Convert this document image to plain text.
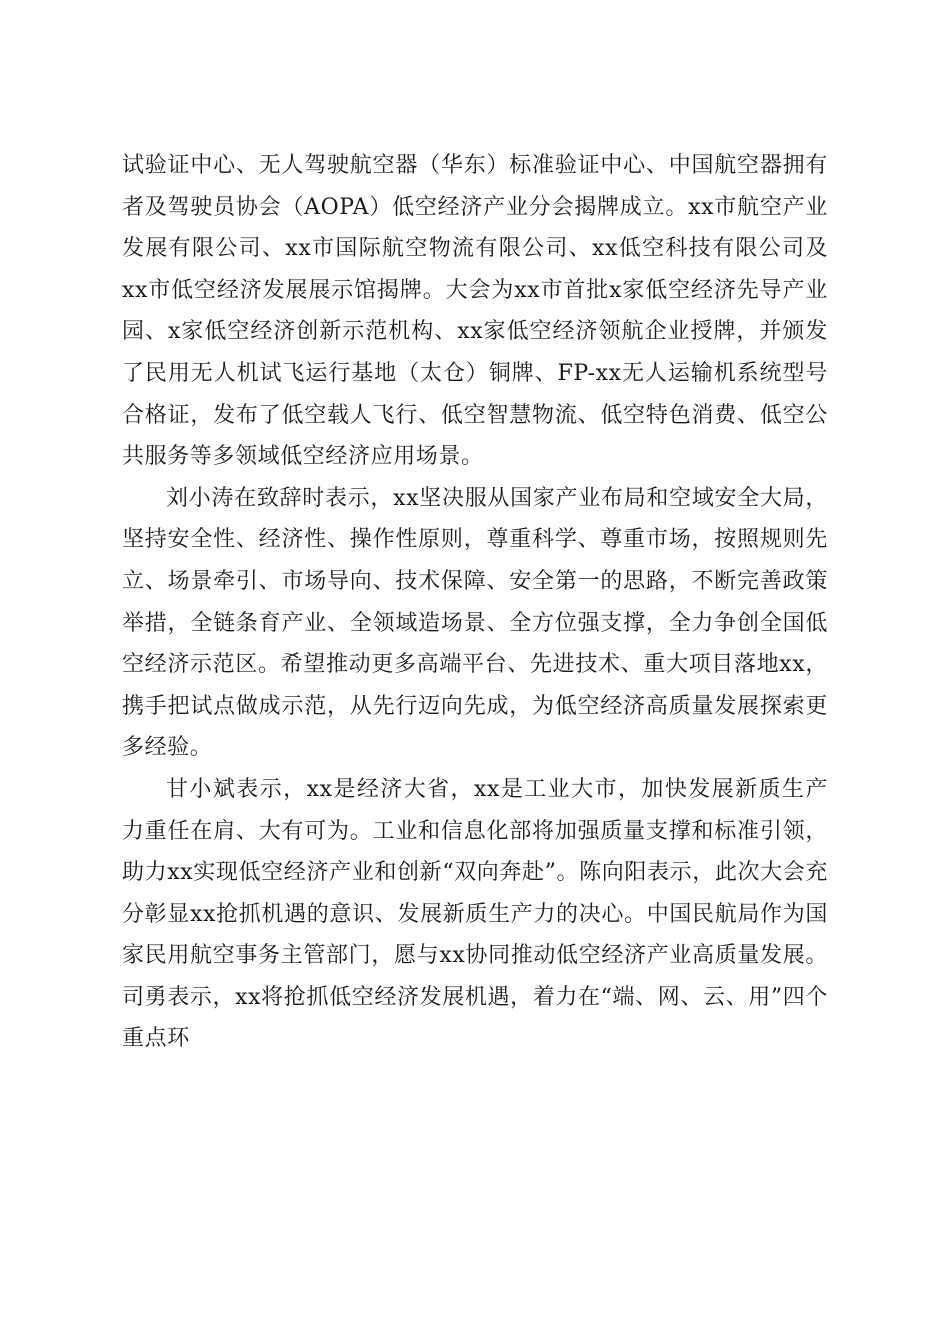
试验证中心、无人驾驶航空器（华东）标准验证中心、中国航空器拥有者及驾驶员协会（AOPA）低空经济产业分会揭牌成立。xx市航空产业发展有限公司、xx市国际航空物流有限公司、xx低空科技有限公司及xx市低空经济发展展示馆揭牌。大会为xx市首批x家低空经济先导产业园、x家低空经济创新示范机构、xx家低空经济领航企业授牌，并颁发了民用无人机试飞运行基地（太仓）铜牌、FP-xx无人运输机系统型号合格证，发布了低空载人飞行、低空智慧物流、低空特色消费、低空公共服务等多领域低空经济应用场景。

刘小涛在致辞时表示，xx坚决服从国家产业布局和空域安全大局，坚持安全性、经济性、操作性原则，尊重科学、尊重市场，按照规则先立、场景牵引、市场导向、技术保障、安全第一的思路，不断完善政策举措，全链条育产业、全领域造场景、全方位强支撑，全力争创全国低空经济示范区。希望推动更多高端平台、先进技术、重大项目落地xx，携手把试点做成示范，从先行迈向先成，为低空经济高质量发展探索更多经验。

甘小斌表示，xx是经济大省，xx是工业大市，加快发展新质生产力重任在肩、大有可为。工业和信息化部将加强质量支撑和标准引领，助力xx实现低空经济产业和创新“双向奔赴”。陈向阳表示，此次大会充分彰显xx抢抓机遇的意识、发展新质生产力的决心。中国民航局作为国家民用航空事务主管部门，愿与xx协同推动低空经济产业高质量发展。司勇表示，xx将抢抓低空经济发展机遇，着力在“端、网、云、用”四个重点环
